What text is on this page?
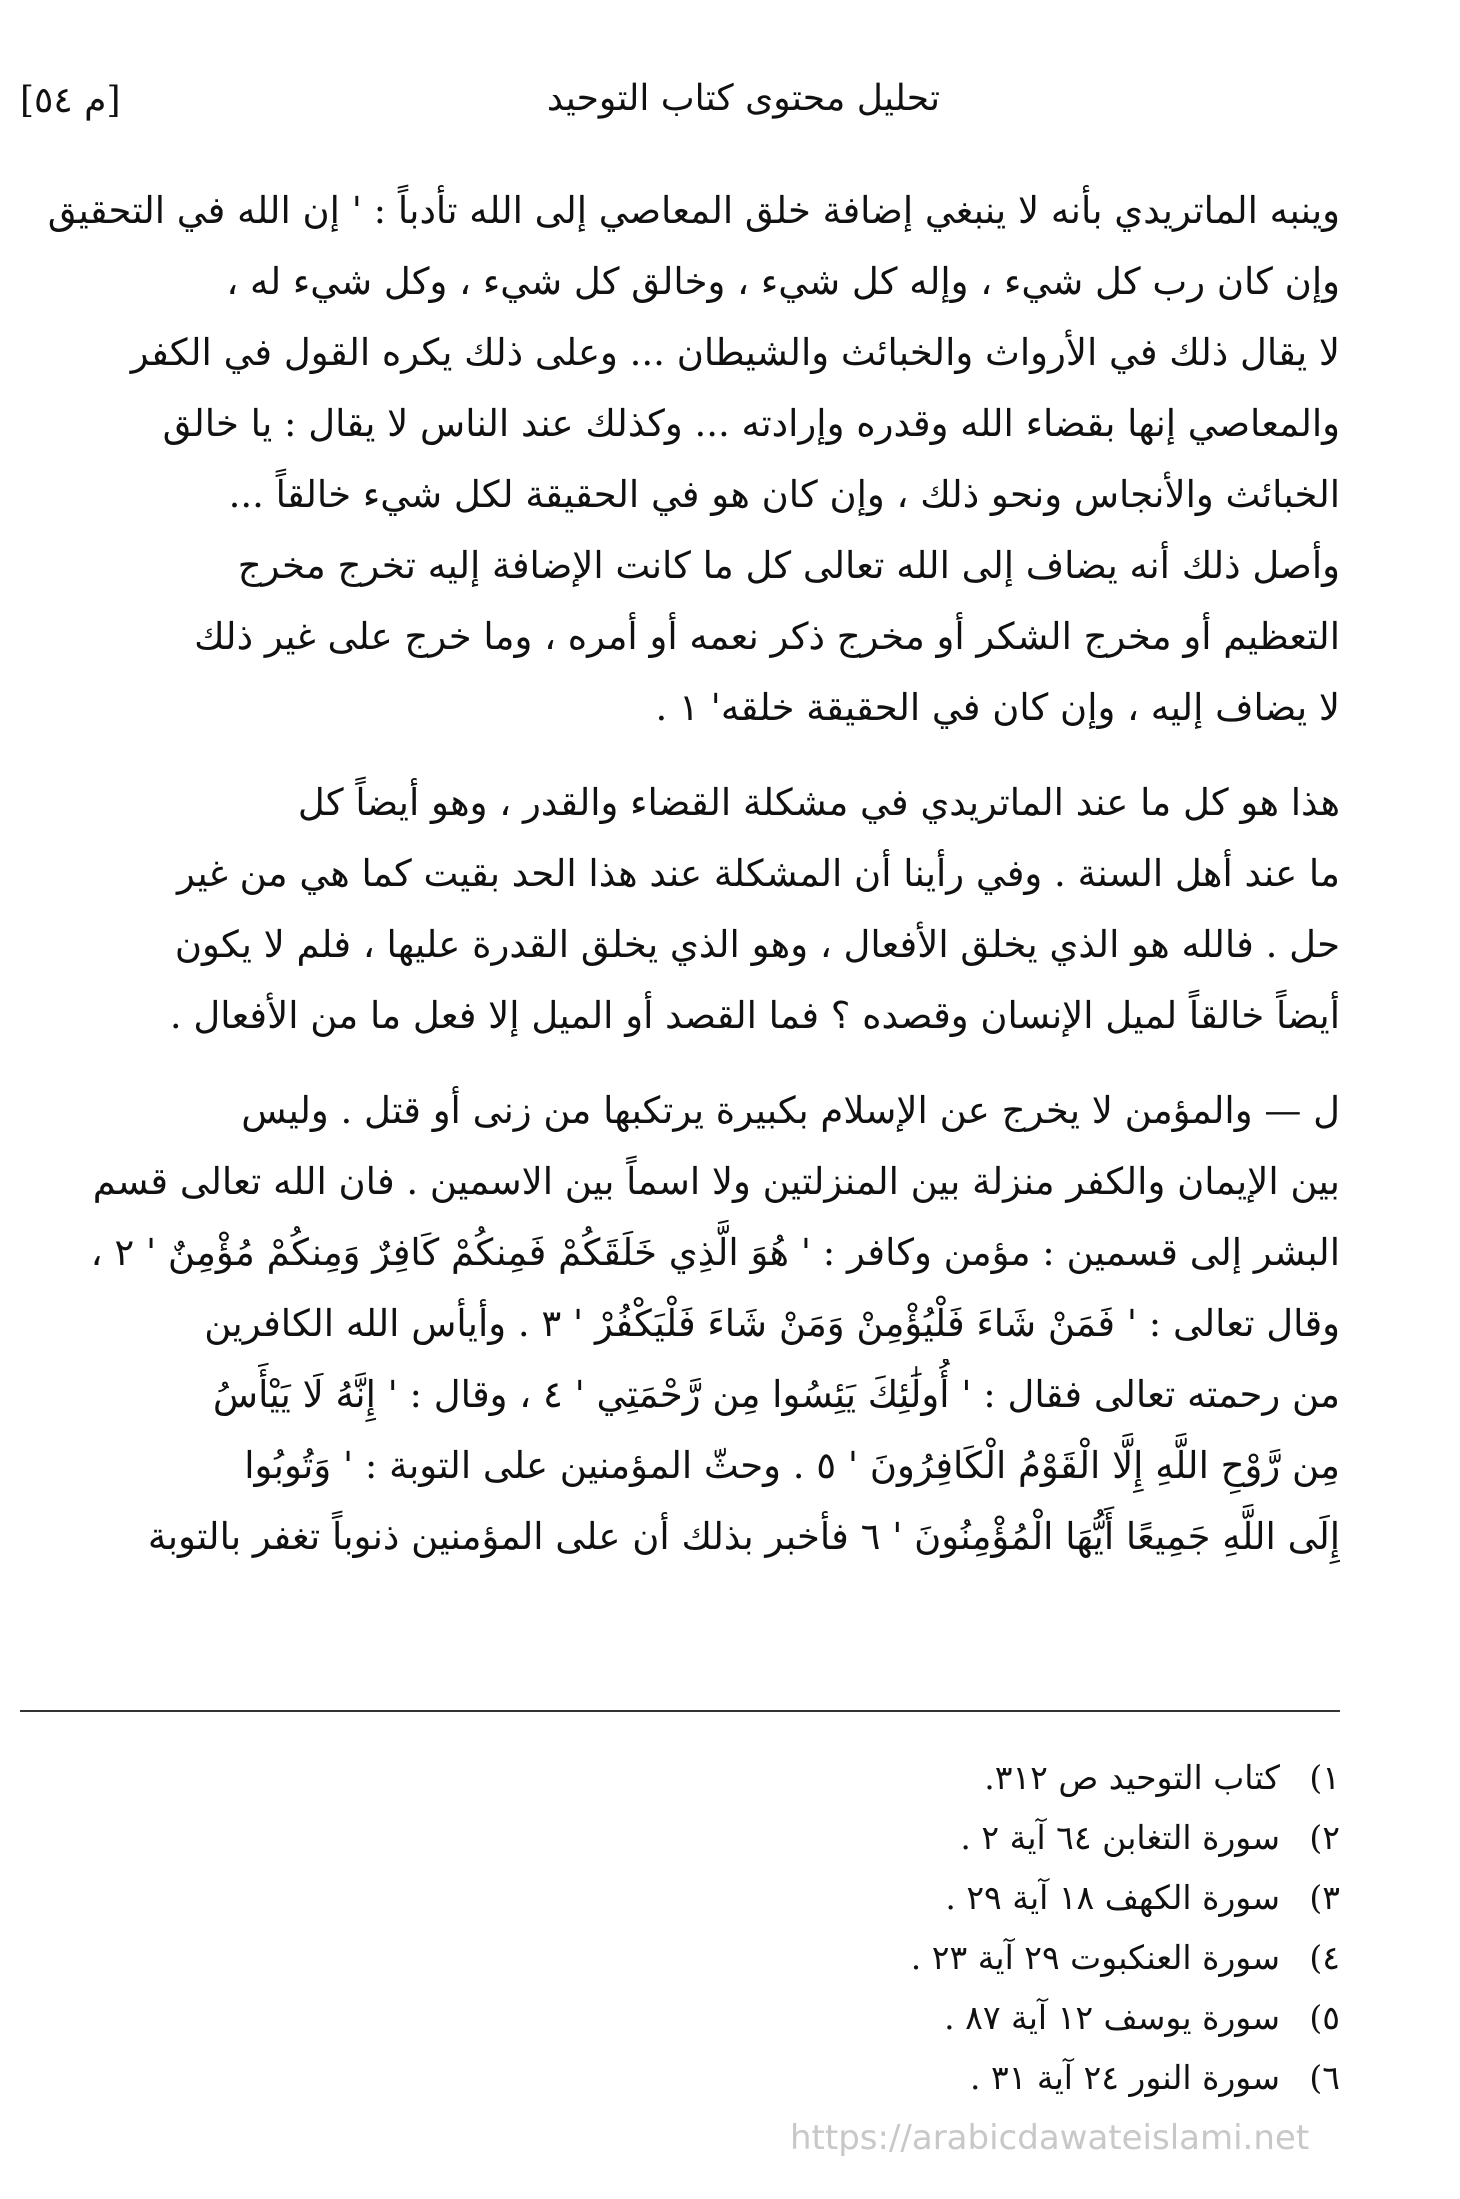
تحليل محتوى كتاب التوحيد
[م ٥٤]
وينبه الماتريدي بأنه لا ينبغي إضافة خلق المعاصي إلى الله تأدباً : ' إن الله في التحقيق
وإن كان رب كل شيء ، وإله كل شيء ، وخالق كل شيء ، وكل شيء له ،
لا يقال ذلك في الأرواث والخبائث والشيطان ... وعلى ذلك يكره القول في الكفر
والمعاصي إنها بقضاء الله وقدره وإرادته ... وكذلك عند الناس لا يقال : يا خالق
الخبائث والأنجاس ونحو ذلك ، وإن كان هو في الحقيقة لكل شيء خالقاً ...
وأصل ذلك أنه يضاف إلى الله تعالى كل ما كانت الإضافة إليه تخرج مخرج
التعظيم أو مخرج الشكر أو مخرج ذكر نعمه أو أمره ، وما خرج على غير ذلك
لا يضاف إليه ، وإن كان في الحقيقة خلقه' ١ .
هذا هو كل ما عند الماتريدي في مشكلة القضاء والقدر ، وهو أيضاً كل
ما عند أهل السنة . وفي رأينا أن المشكلة عند هذا الحد بقيت كما هي من غير
حل . فالله هو الذي يخلق الأفعال ، وهو الذي يخلق القدرة عليها ، فلم لا يكون
أيضاً خالقاً لميل الإنسان وقصده ؟ فما القصد أو الميل إلا فعل ما من الأفعال .
ل — والمؤمن لا يخرج عن الإسلام بكبيرة يرتكبها من زنى أو قتل . وليس
بين الإيمان والكفر منزلة بين المنزلتين ولا اسماً بين الاسمين . فان الله تعالى قسم
البشر إلى قسمين : مؤمن وكافر : ' هُوَ الَّذِي خَلَقَكُمْ فَمِنكُمْ كَافِرٌ وَمِنكُمْ مُؤْمِنٌ ' ٢ ،
وقال تعالى : ' فَمَنْ شَاءَ فَلْيُؤْمِنْ وَمَنْ شَاءَ فَلْيَكْفُرْ ' ٣ . وأيأس الله الكافرين
من رحمته تعالى فقال : ' أُولَٰئِكَ يَئِسُوا مِن رَّحْمَتِي ' ٤ ، وقال : ' إِنَّهُ لَا يَيْأَسُ
مِن رَّوْحِ اللَّهِ إِلَّا الْقَوْمُ الْكَافِرُونَ ' ٥ . وحثّ المؤمنين على التوبة : ' وَتُوبُوا
إِلَى اللَّهِ جَمِيعًا أَيُّهَا الْمُؤْمِنُونَ ' ٦ فأخبر بذلك أن على المؤمنين ذنوباً تغفر بالتوبة
١)كتاب التوحيد ص ٣١٢.
٢)سورة التغابن ٦٤ آية ٢ .
٣)سورة الكهف ١٨ آية ٢٩ .
٤)سورة العنكبوت ٢٩ آية ٢٣ .
٥)سورة يوسف ١٢ آية ٨٧ .
٦)سورة النور ٢٤ آية ٣١ .
https://arabicdawateislami.net
